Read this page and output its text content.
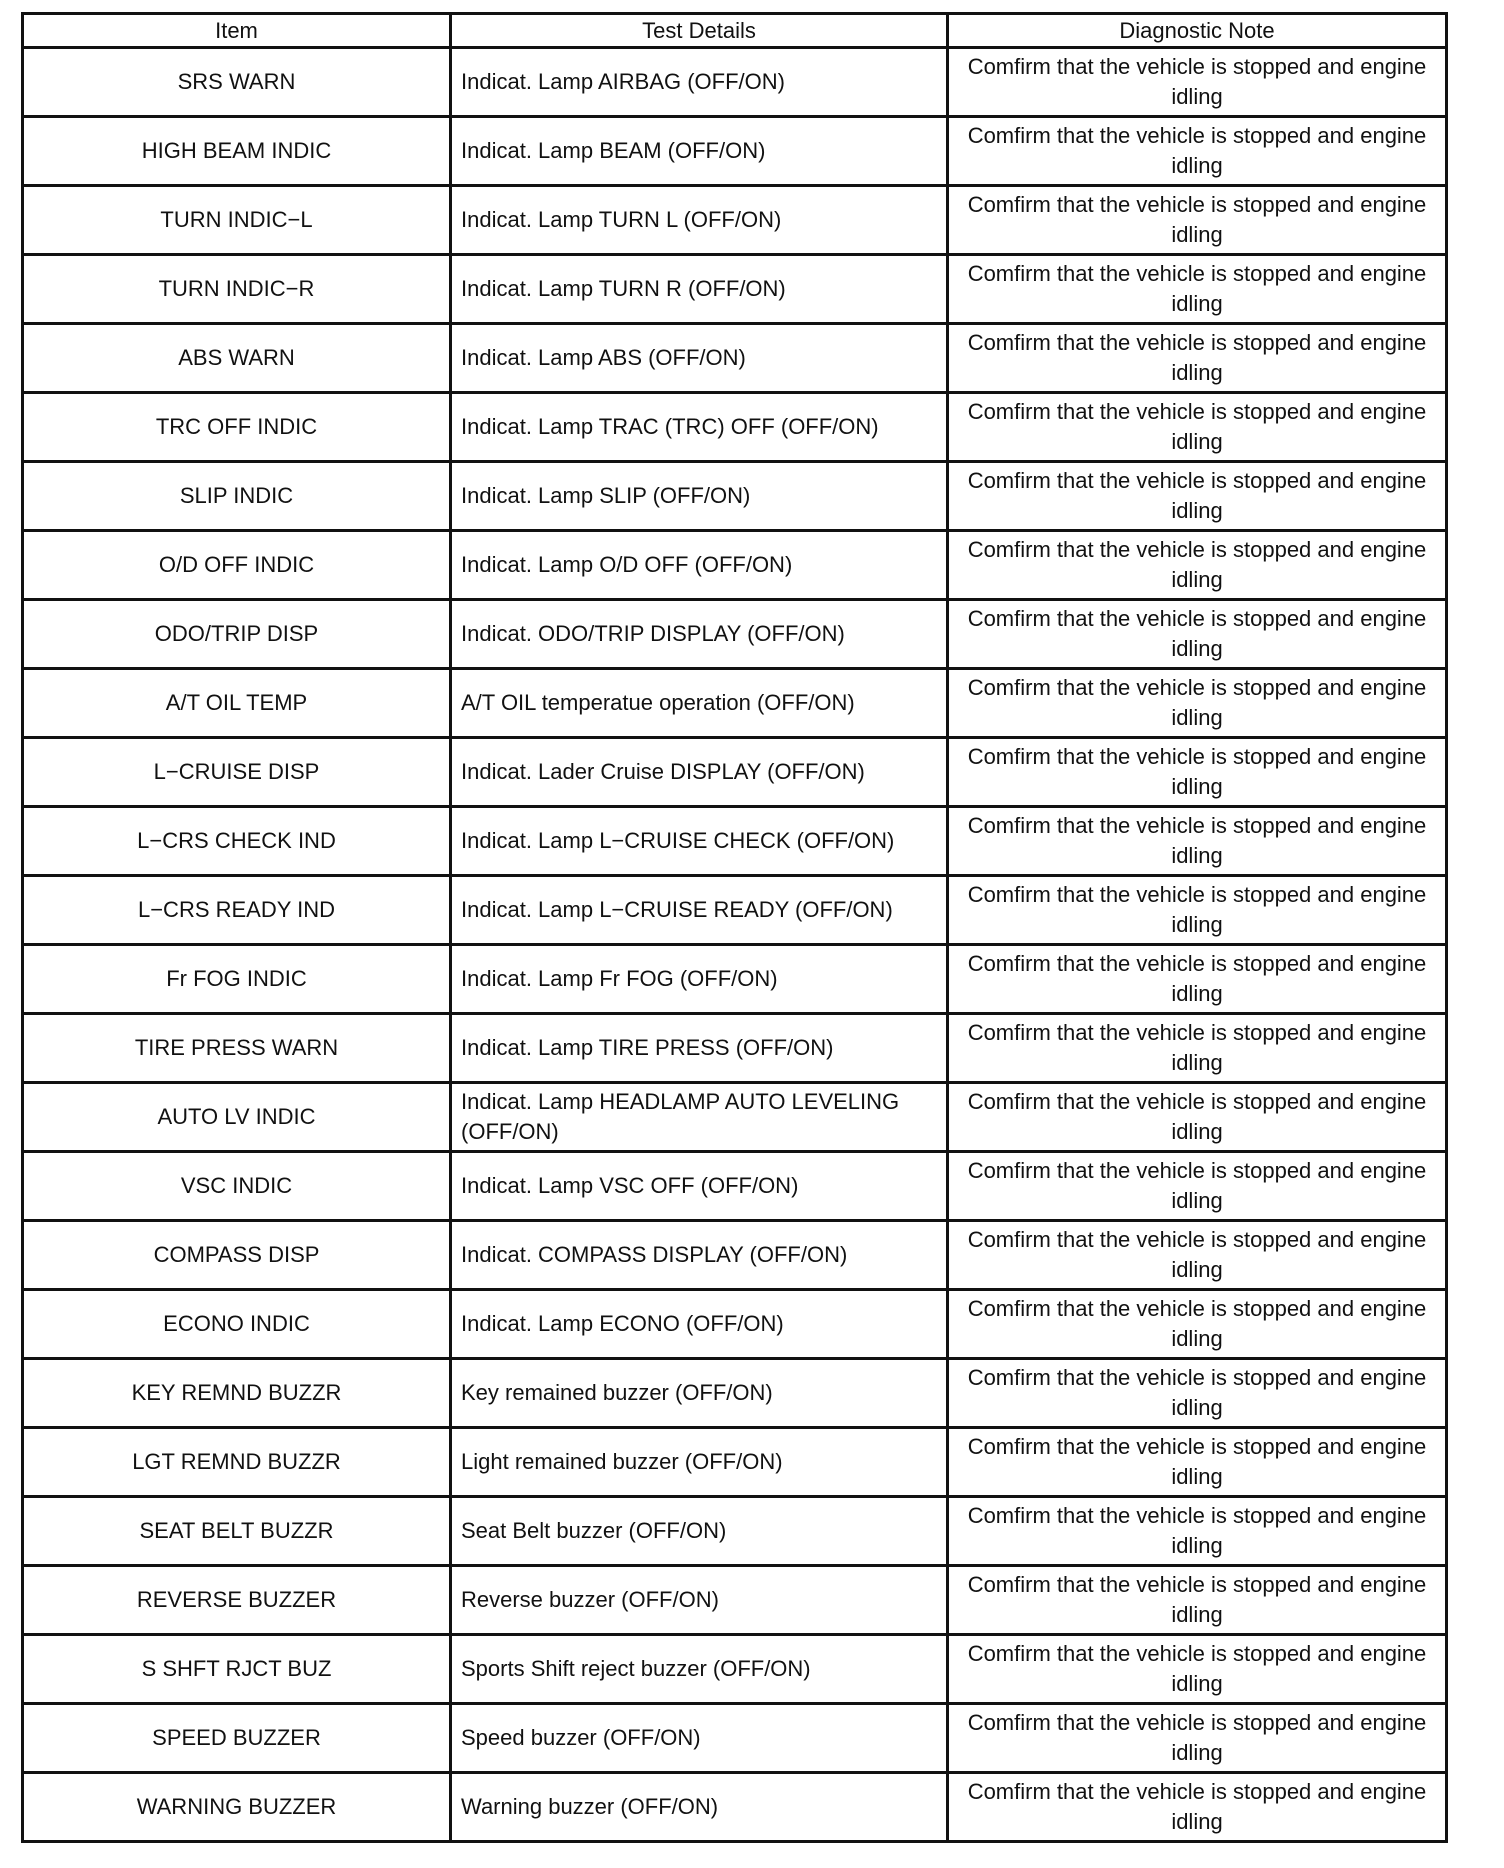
Item	Test Details	Diagnostic Note
SRS WARN	Indicat. Lamp AIRBAG (OFF/ON)	Comfirm that the vehicle is stopped and engine idling
HIGH BEAM INDIC	Indicat. Lamp BEAM (OFF/ON)	Comfirm that the vehicle is stopped and engine idling
TURN INDIC−L	Indicat. Lamp TURN L (OFF/ON)	Comfirm that the vehicle is stopped and engine idling
TURN INDIC−R	Indicat. Lamp TURN R (OFF/ON)	Comfirm that the vehicle is stopped and engine idling
ABS WARN	Indicat. Lamp ABS (OFF/ON)	Comfirm that the vehicle is stopped and engine idling
TRC OFF INDIC	Indicat. Lamp TRAC (TRC) OFF (OFF/ON)	Comfirm that the vehicle is stopped and engine idling
SLIP INDIC	Indicat. Lamp SLIP (OFF/ON)	Comfirm that the vehicle is stopped and engine idling
O/D OFF INDIC	Indicat. Lamp O/D OFF (OFF/ON)	Comfirm that the vehicle is stopped and engine idling
ODO/TRIP DISP	Indicat. ODO/TRIP DISPLAY (OFF/ON)	Comfirm that the vehicle is stopped and engine idling
A/T OIL TEMP	A/T OIL temperatue operation (OFF/ON)	Comfirm that the vehicle is stopped and engine idling
L−CRUISE DISP	Indicat. Lader Cruise DISPLAY (OFF/ON)	Comfirm that the vehicle is stopped and engine idling
L−CRS CHECK IND	Indicat. Lamp L−CRUISE CHECK (OFF/ON)	Comfirm that the vehicle is stopped and engine idling
L−CRS READY IND	Indicat. Lamp L−CRUISE READY (OFF/ON)	Comfirm that the vehicle is stopped and engine idling
Fr FOG INDIC	Indicat. Lamp Fr FOG (OFF/ON)	Comfirm that the vehicle is stopped and engine idling
TIRE PRESS WARN	Indicat. Lamp TIRE PRESS (OFF/ON)	Comfirm that the vehicle is stopped and engine idling
AUTO LV INDIC	Indicat. Lamp HEADLAMP AUTO LEVELING (OFF/ON)	Comfirm that the vehicle is stopped and engine idling
VSC INDIC	Indicat. Lamp VSC OFF (OFF/ON)	Comfirm that the vehicle is stopped and engine idling
COMPASS DISP	Indicat. COMPASS DISPLAY (OFF/ON)	Comfirm that the vehicle is stopped and engine idling
ECONO INDIC	Indicat. Lamp ECONO (OFF/ON)	Comfirm that the vehicle is stopped and engine idling
KEY REMND BUZZR	Key remained buzzer (OFF/ON)	Comfirm that the vehicle is stopped and engine idling
LGT REMND BUZZR	Light remained buzzer (OFF/ON)	Comfirm that the vehicle is stopped and engine idling
SEAT BELT BUZZR	Seat Belt buzzer (OFF/ON)	Comfirm that the vehicle is stopped and engine idling
REVERSE BUZZER	Reverse buzzer (OFF/ON)	Comfirm that the vehicle is stopped and engine idling
S SHFT RJCT BUZ	Sports Shift reject buzzer (OFF/ON)	Comfirm that the vehicle is stopped and engine idling
SPEED BUZZER	Speed buzzer (OFF/ON)	Comfirm that the vehicle is stopped and engine idling
WARNING BUZZER	Warning buzzer (OFF/ON)	Comfirm that the vehicle is stopped and engine idling
